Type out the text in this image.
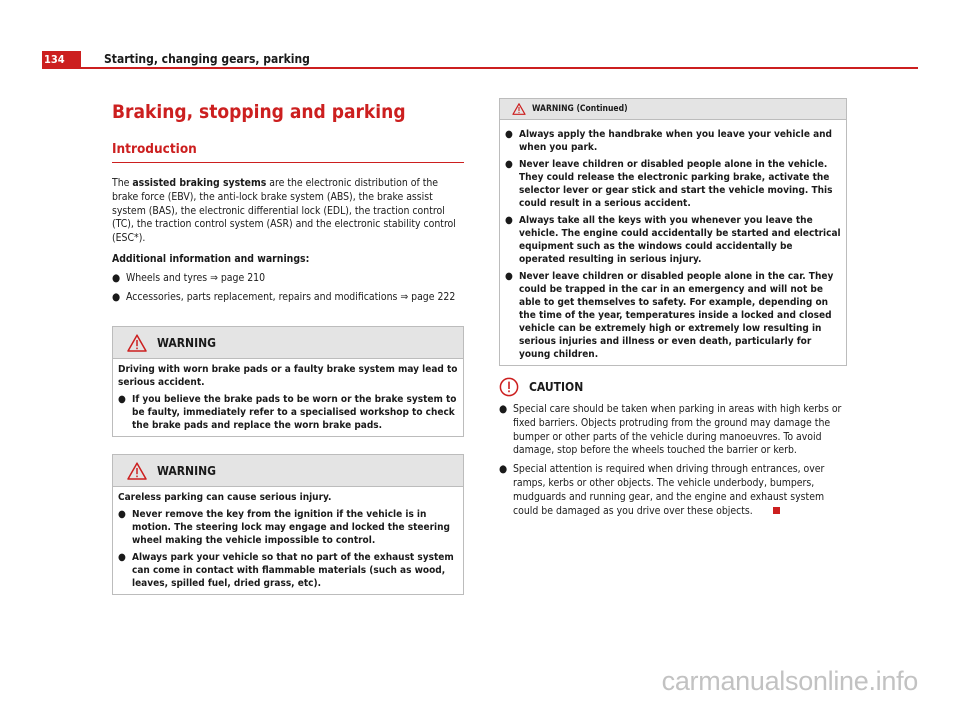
134	Starting, changing gears, parking
Braking, stopping and parking
Introduction

The assisted braking systems are the electronic distribution of the brake force (EBV), the anti-lock brake system (ABS), the brake assist system (BAS), the electronic differential lock (EDL), the traction control (TC), the traction control system (ASR) and the electronic stability control (ESC*).

Additional information and warnings:

● Wheels and tyres ⇒ page 210
● Accessories, parts replacement, repairs and modifications ⇒ page 222
WARNING

Driving with worn brake pads or a faulty brake system may lead to serious accident.

● If you believe the brake pads to be worn or the brake system to be faulty, immediately refer to a specialised workshop to check the brake pads and replace the worn brake pads.
WARNING

Careless parking can cause serious injury.

● Never remove the key from the ignition if the vehicle is in motion. The steering lock may engage and locked the steering wheel making the vehicle impossible to control.
● Always park your vehicle so that no part of the exhaust system can come in contact with flammable materials (such as wood, leaves, spilled fuel, dried grass, etc).
WARNING (Continued)
● Always apply the handbrake when you leave your vehicle and when you park.
● Never leave children or disabled people alone in the vehicle. They could release the electronic parking brake, activate the selector lever or gear stick and start the vehicle moving. This could result in a serious accident.
● Always take all the keys with you whenever you leave the vehicle. The engine could accidentally be started and electrical equipment such as the windows could accidentally be operated resulting in serious injury.
● Never leave children or disabled people alone in the car. They could be trapped in the car in an emergency and will not be able to get themselves to safety. For example, depending on the time of the year, temperatures inside a locked and closed vehicle can be extremely high or extremely low resulting in serious injuries and illness or even death, particularly for young children.
CAUTION
● Special care should be taken when parking in areas with high kerbs or fixed barriers. Objects protruding from the ground may damage the bumper or other parts of the vehicle during manoeuvres. To avoid damage, stop before the wheels touched the barrier or kerb.
● Special attention is required when driving through entrances, over ramps, kerbs or other objects. The vehicle underbody, bumpers, mudguards and running gear, and the engine and exhaust system could be damaged as you drive over these objects.
carmanualsonline.info
